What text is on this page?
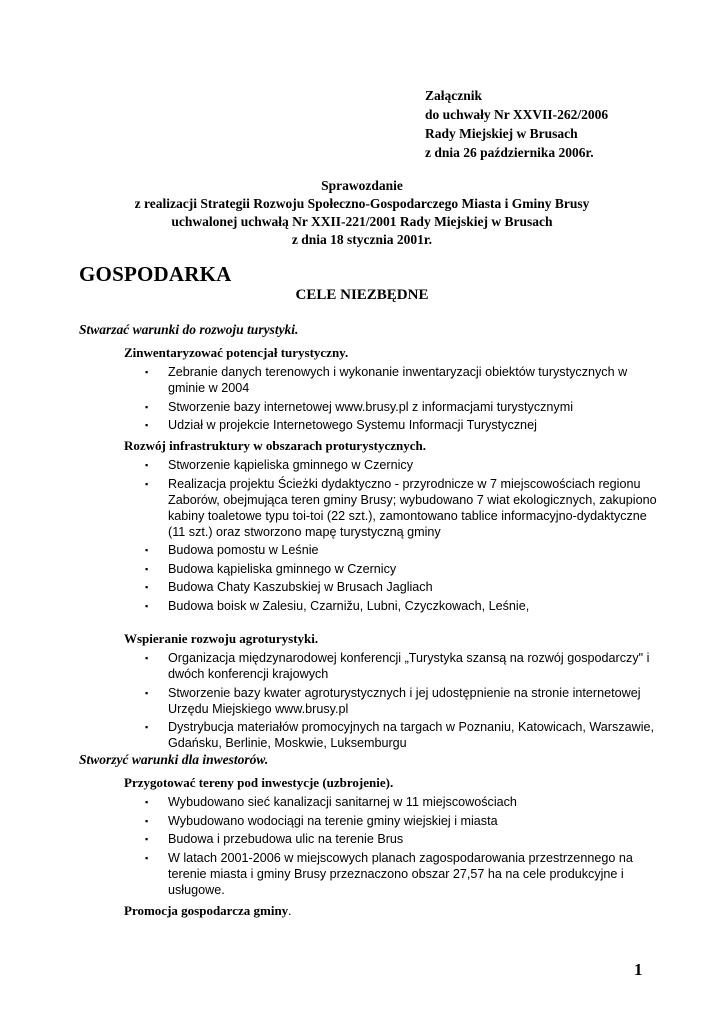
Załącznik
do uchwały Nr XXVII-262/2006
Rady Miejskiej w Brusach
z dnia 26 października 2006r.
Sprawozdanie
z realizacji Strategii Rozwoju Społeczno-Gospodarczego Miasta i Gminy Brusy
uchwalonej uchwałą Nr XXII-221/2001 Rady Miejskiej w Brusach
z dnia 18 stycznia 2001r.
GOSPODARKA
CELE NIEZBĘDNE
Stwarzać warunki do rozwoju turystyki.
Zinwentaryzować potencjał turystyczny.
▪ Zebranie danych terenowych i wykonanie inwentaryzacji obiektów turystycznych w gminie w 2004
▪ Stworzenie bazy internetowej www.brusy.pl z informacjami turystycznymi
▪ Udział w projekcie Internetowego Systemu Informacji Turystycznej
Rozwój infrastruktury w obszarach proturystycznych.
▪ Stworzenie kąpieliska gminnego w Czernicy
▪ Realizacja projektu Ścieżki dydaktyczno - przyrodnicze w 7 miejscowościach regionu Zaborów, obejmująca teren gminy Brusy; wybudowano 7 wiat ekologicznych, zakupiono kabiny toaletowe typu toi-toi (22 szt.), zamontowano tablice informacyjno-dydaktyczne (11 szt.) oraz stworzono mapę turystyczną gminy
▪ Budowa pomostu w Leśnie
▪ Budowa kąpieliska gminnego w Czernicy
▪ Budowa Chaty Kaszubskiej w Brusach Jagliach
▪ Budowa boisk w Zalesiu, Czarnižu, Lubni, Czyczkowach, Leśnie,
Wspieranie rozwoju agroturystyki.
▪ Organizacja międzynarodowej konferencji „Turystyka szansą na rozwój gospodarczy" i dwóch konferencji krajowych
▪ Stworzenie bazy kwater agroturystycznych i jej udostępnienie na stronie internetowej Urzędu Miejskiego www.brusy.pl
▪ Dystrybucja materiałów promocyjnych na targach w Poznaniu, Katowicach, Warszawie, Gdańsku, Berlinie, Moskwie, Luksemburgu
Stworzyć warunki dla inwestorów.
Przygotować tereny pod inwestycje (uzbrojenie).
▪ Wybudowano sieć kanalizacji sanitarnej w 11 miejscowościach
▪ Wybudowano wodociągi na terenie gminy wiejskiej i miasta
▪ Budowa i przebudowa ulic na terenie Brus
▪ W latach 2001-2006 w miejscowych planach zagospodarowania przestrzennego na terenie miasta i gminy Brusy przeznaczono obszar 27,57 ha na cele produkcyjne i usługowe.
Promocja gospodarcza gminy.
1
